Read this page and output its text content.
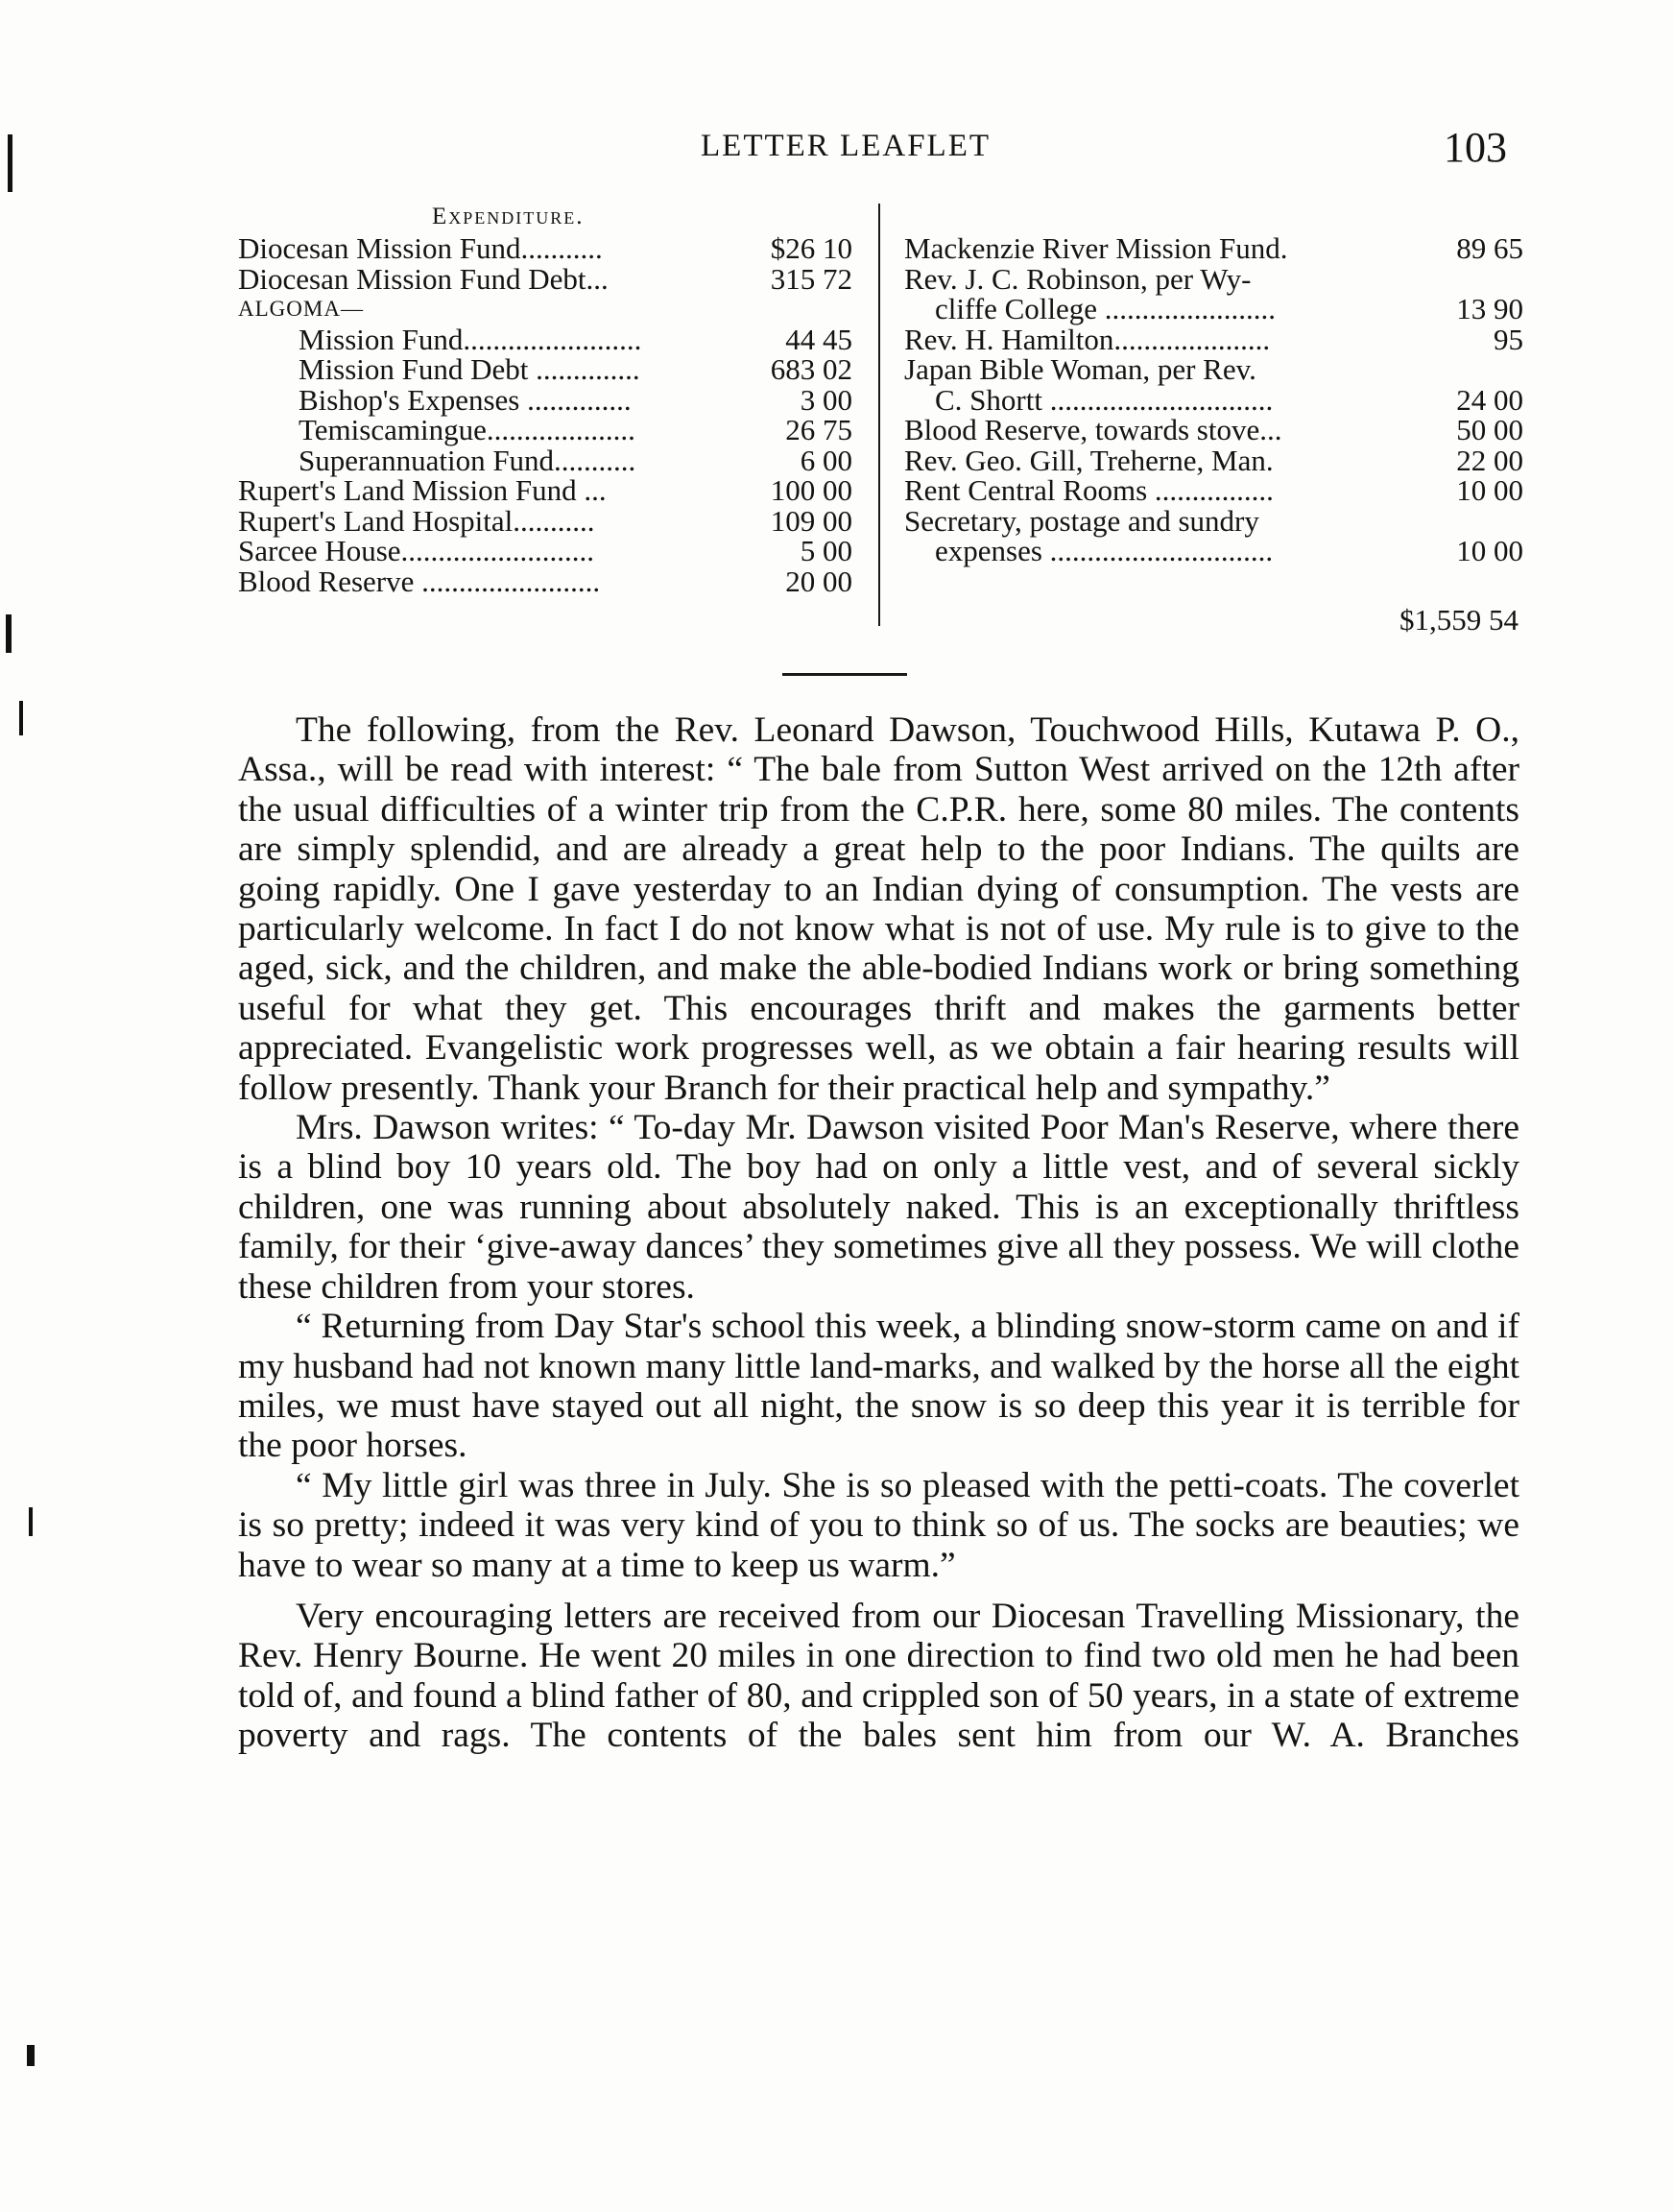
LETTER LEAFLET	103
Expenditure.
Diocesan Mission Fund...........	$26 10
Diocesan Mission Fund Debt...	315 72
ALGOMA—
Mission Fund........................	44 45
Mission Fund Debt ..............	683 02
Bishop's Expenses ..............	3 00
Temiscamingue....................	26 75
Superannuation Fund...........	6 00
Rupert's Land Mission Fund ...	100 00
Rupert's Land Hospital...........	109 00
Sarcee House..........................	5 00
Blood Reserve ........................	20 00
Mackenzie River Mission Fund.	89 65
Rev. J. C. Robinson, per Wy-
cliffe College .......................	13 90
Rev. H. Hamilton.....................	95
Japan Bible Woman, per Rev.
C. Shortt ..............................	24 00
Blood Reserve, towards stove...	50 00
Rev. Geo. Gill, Treherne, Man.	22 00
Rent Central Rooms ................	10 00
Secretary, postage and sundry
expenses ..............................	10 00
$1,559 54

The following, from the Rev. Leonard Dawson, Touchwood Hills, Kutawa P. O., Assa., will be read with interest: “ The bale from Sutton West arrived on the 12th after the usual difficulties of a winter trip from the C.P.R. here, some 80 miles. The contents are simply splendid, and are already a great help to the poor Indians. The quilts are going rapidly. One I gave yesterday to an Indian dying of consumption. The vests are particularly welcome. In fact I do not know what is not of use. My rule is to give to the aged, sick, and the children, and make the able-bodied Indians work or bring something useful for what they get. This encourages thrift and makes the garments better appreciated. Evangelistic work progresses well, as we obtain a fair hearing results will follow presently. Thank your Branch for their practical help and sympathy.”

Mrs. Dawson writes: “ To-day Mr. Dawson visited Poor Man's Reserve, where there is a blind boy 10 years old. The boy had on only a little vest, and of several sickly children, one was running about absolutely naked. This is an exceptionally thriftless family, for their ‘give-away dances’ they sometimes give all they possess. We will clothe these children from your stores.

“ Returning from Day Star's school this week, a blinding snow-storm came on and if my husband had not known many little land-marks, and walked by the horse all the eight miles, we must have stayed out all night, the snow is so deep this year it is terrible for the poor horses.

“ My little girl was three in July. She is so pleased with the petti-coats. The coverlet is so pretty; indeed it was very kind of you to think so of us. The socks are beauties; we have to wear so many at a time to keep us warm.”

Very encouraging letters are received from our Diocesan Travelling Missionary, the Rev. Henry Bourne. He went 20 miles in one direction to find two old men he had been told of, and found a blind father of 80, and crippled son of 50 years, in a state of extreme poverty and rags. The contents of the bales sent him from our W. A. Branches
